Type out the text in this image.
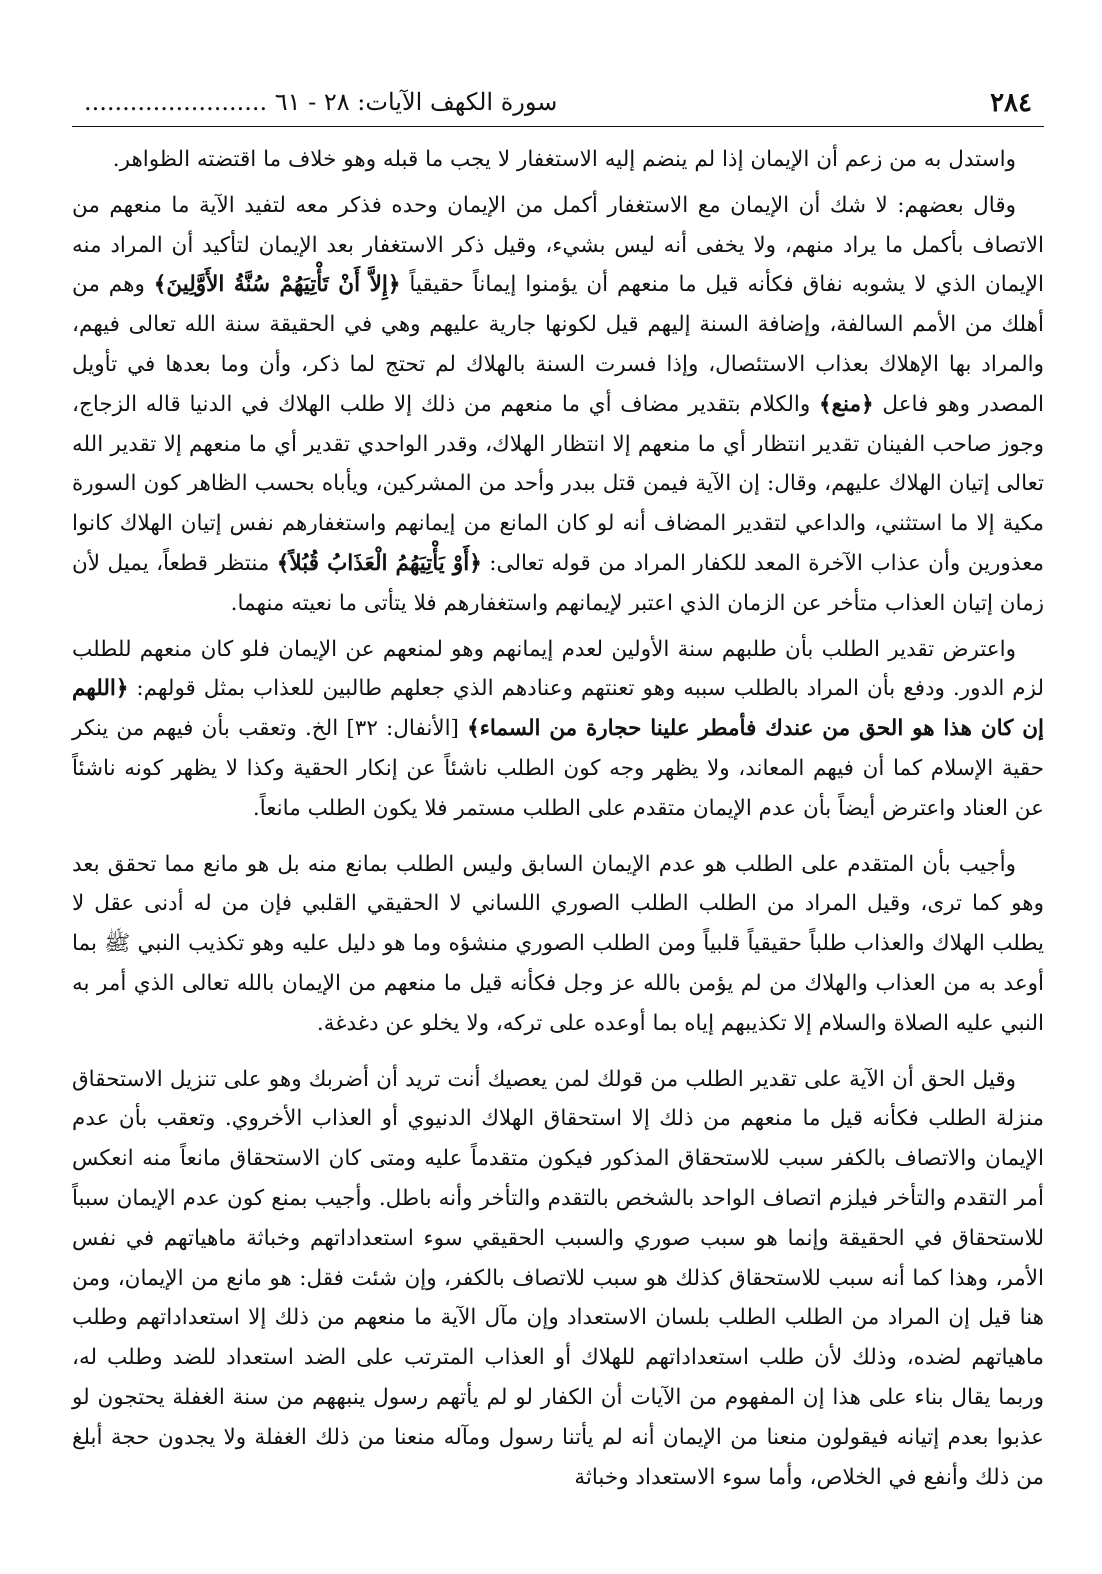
٢٨٤
سورة الكهف الآيات: ٢٨ - ٦١ ........................

واستدل به من زعم أن الإيمان إذا لم ينضم إليه الاستغفار لا يجب ما قبله وهو خلاف ما اقتضته الظواهر.

وقال بعضهم: لا شك أن الإيمان مع الاستغفار أكمل من الإيمان وحده فذكر معه لتفيد الآية ما منعهم من الاتصاف بأكمل ما يراد منهم، ولا يخفى أنه ليس بشيء، وقيل ذكر الاستغفار بعد الإيمان لتأكيد أن المراد منه الإيمان الذي لا يشوبه نفاق فكأنه قيل ما منعهم أن يؤمنوا إيماناً حقيقياً ﴿إِلاَّ أَنْ تَأْتِيَهُمْ سُنَّةُ الأَوَّلِينَ﴾ وهم من أهلك من الأمم السالفة، وإضافة السنة إليهم قيل لكونها جارية عليهم وهي في الحقيقة سنة الله تعالى فيهم، والمراد بها الإهلاك بعذاب الاستئصال، وإذا فسرت السنة بالهلاك لم تحتج لما ذكر، وأن وما بعدها في تأويل المصدر وهو فاعل ﴿منع﴾ والكلام بتقدير مضاف أي ما منعهم من ذلك إلا طلب الهلاك في الدنيا قاله الزجاج، وجوز صاحب الفينان تقدير انتظار أي ما منعهم إلا انتظار الهلاك، وقدر الواحدي تقدير أي ما منعهم إلا تقدير الله تعالى إتيان الهلاك عليهم، وقال: إن الآية فيمن قتل ببدر وأحد من المشركين، ويأباه بحسب الظاهر كون السورة مكية إلا ما استثني، والداعي لتقدير المضاف أنه لو كان المانع من إيمانهم واستغفارهم نفس إتيان الهلاك كانوا معذورين وأن عذاب الآخرة المعد للكفار المراد من قوله تعالى: ﴿أَوْ يَأْتِيَهُمُ الْعَذَابُ قُبُلاً﴾ منتظر قطعاً، يميل لأن زمان إتيان العذاب متأخر عن الزمان الذي اعتبر لإيمانهم واستغفارهم فلا يتأتى ما نعيته منهما.

واعترض تقدير الطلب بأن طلبهم سنة الأولين لعدم إيمانهم وهو لمنعهم عن الإيمان فلو كان منعهم للطلب لزم الدور. ودفع بأن المراد بالطلب سببه وهو تعنتهم وعنادهم الذي جعلهم طالبين للعذاب بمثل قولهم: ﴿اللهم إن كان هذا هو الحق من عندك فأمطر علينا حجارة من السماء﴾ [الأنفال: ٣٢] الخ. وتعقب بأن فيهم من ينكر حقية الإسلام كما أن فيهم المعاند، ولا يظهر وجه كون الطلب ناشئاً عن إنكار الحقية وكذا لا يظهر كونه ناشئاً عن العناد واعترض أيضاً بأن عدم الإيمان متقدم على الطلب مستمر فلا يكون الطلب مانعاً.

وأجيب بأن المتقدم على الطلب هو عدم الإيمان السابق وليس الطلب بمانع منه بل هو مانع مما تحقق بعد وهو كما ترى، وقيل المراد من الطلب الطلب الصوري اللساني لا الحقيقي القلبي فإن من له أدنى عقل لا يطلب الهلاك والعذاب طلباً حقيقياً قلبياً ومن الطلب الصوري منشؤه وما هو دليل عليه وهو تكذيب النبي ﷺ بما أوعد به من العذاب والهلاك من لم يؤمن بالله عز وجل فكأنه قيل ما منعهم من الإيمان بالله تعالى الذي أمر به النبي عليه الصلاة والسلام إلا تكذيبهم إياه بما أوعده على تركه، ولا يخلو عن دغدغة.

وقيل الحق أن الآية على تقدير الطلب من قولك لمن يعصيك أنت تريد أن أضربك وهو على تنزيل الاستحقاق منزلة الطلب فكأنه قيل ما منعهم من ذلك إلا استحقاق الهلاك الدنيوي أو العذاب الأخروي. وتعقب بأن عدم الإيمان والاتصاف بالكفر سبب للاستحقاق المذكور فيكون متقدماً عليه ومتى كان الاستحقاق مانعاً منه انعكس أمر التقدم والتأخر فيلزم اتصاف الواحد بالشخص بالتقدم والتأخر وأنه باطل. وأجيب بمنع كون عدم الإيمان سبباً للاستحقاق في الحقيقة وإنما هو سبب صوري والسبب الحقيقي سوء استعداداتهم وخباثة ماهياتهم في نفس الأمر، وهذا كما أنه سبب للاستحقاق كذلك هو سبب للاتصاف بالكفر، وإن شئت فقل: هو مانع من الإيمان، ومن هنا قيل إن المراد من الطلب الطلب بلسان الاستعداد وإن مآل الآية ما منعهم من ذلك إلا استعداداتهم وطلب ماهياتهم لضده، وذلك لأن طلب استعداداتهم للهلاك أو العذاب المترتب على الضد استعداد للضد وطلب له، وربما يقال بناء على هذا إن المفهوم من الآيات أن الكفار لو لم يأتهم رسول ينبههم من سنة الغفلة يحتجون لو عذبوا بعدم إتيانه فيقولون منعنا من الإيمان أنه لم يأتنا رسول ومآله منعنا من ذلك الغفلة ولا يجدون حجة أبلغ من ذلك وأنفع في الخلاص، وأما سوء الاستعداد وخباثة
